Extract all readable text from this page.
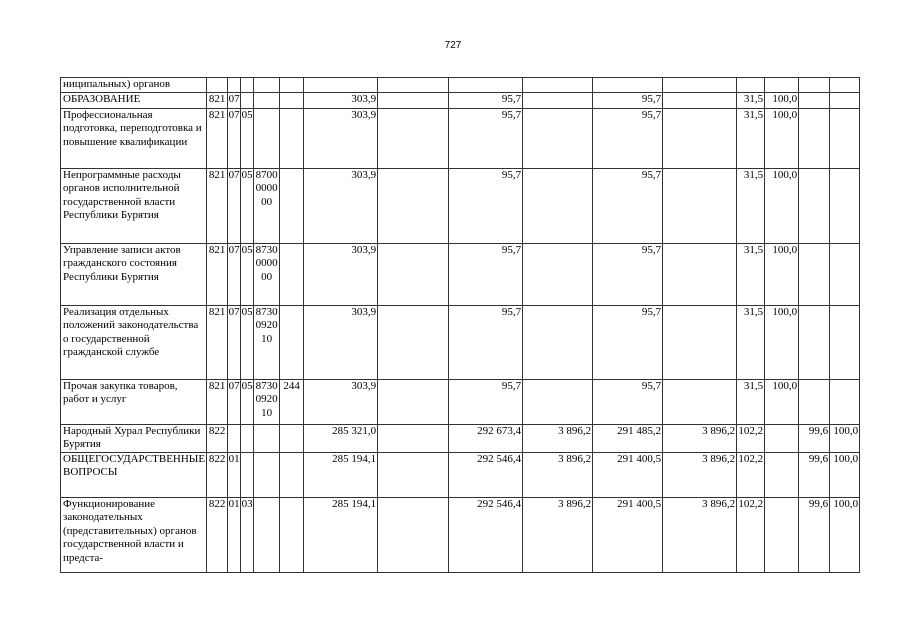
727
ниципальных) органов															
ОБРАЗОВАНИЕ	821	07				303,9		95,7		95,7		31,5	100,0		
Профессиональная подготовка, переподготовка и повышение квалификации	821	07	05			303,9		95,7		95,7		31,5	100,0		
Непрограммные расходы органов исполнительной государственной власти Республики Бурятия	821	07	05	8700000000		303,9		95,7		95,7		31,5	100,0		
Управление записи актов гражданского состояния Республики Бурятия	821	07	05	8730000000		303,9		95,7		95,7		31,5	100,0		
Реализация отдельных положений законодательства о государственной гражданской службе	821	07	05	8730092010		303,9		95,7		95,7		31,5	100,0		
Прочая закупка товаров, работ и услуг	821	07	05	8730092010	244	303,9		95,7		95,7		31,5	100,0		
Народный Хурал Республики Бурятия	822					285 321,0		292 673,4	3 896,2	291 485,2	3 896,2	102,2		99,6	100,0
ОБЩЕГОСУДАРСТВЕННЫЕ ВОПРОСЫ	822	01				285 194,1		292 546,4	3 896,2	291 400,5	3 896,2	102,2		99,6	100,0
Функционирование законодательных (представительных) органов государственной власти и предста-	822	01	03			285 194,1		292 546,4	3 896,2	291 400,5	3 896,2	102,2		99,6	100,0
